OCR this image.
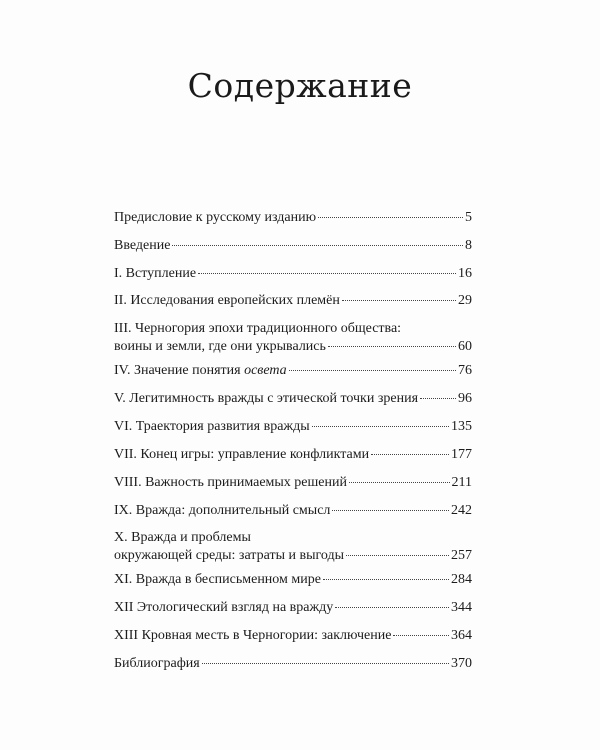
Содержание
Предисловие к русскому изданию	5
Введение	8
I. Вступление	16
II. Исследования европейских племён	29
III. Черногория эпохи традиционного общества:
воины и земли, где они укрывались	60
IV. Значение понятия освета	76
V. Легитимность вражды с этической точки зрения	96
VI. Траектория развития вражды	135
VII. Конец игры: управление конфликтами	177
VIII. Важность принимаемых решений	211
IX. Вражда: дополнительный смысл	242
X. Вражда и проблемы
окружающей среды: затраты и выгоды	257
XI. Вражда в бесписьменном мире	284
XII Этологический взгляд на вражду	344
XIII Кровная месть в Черногории: заключение	364
Библиография	370
